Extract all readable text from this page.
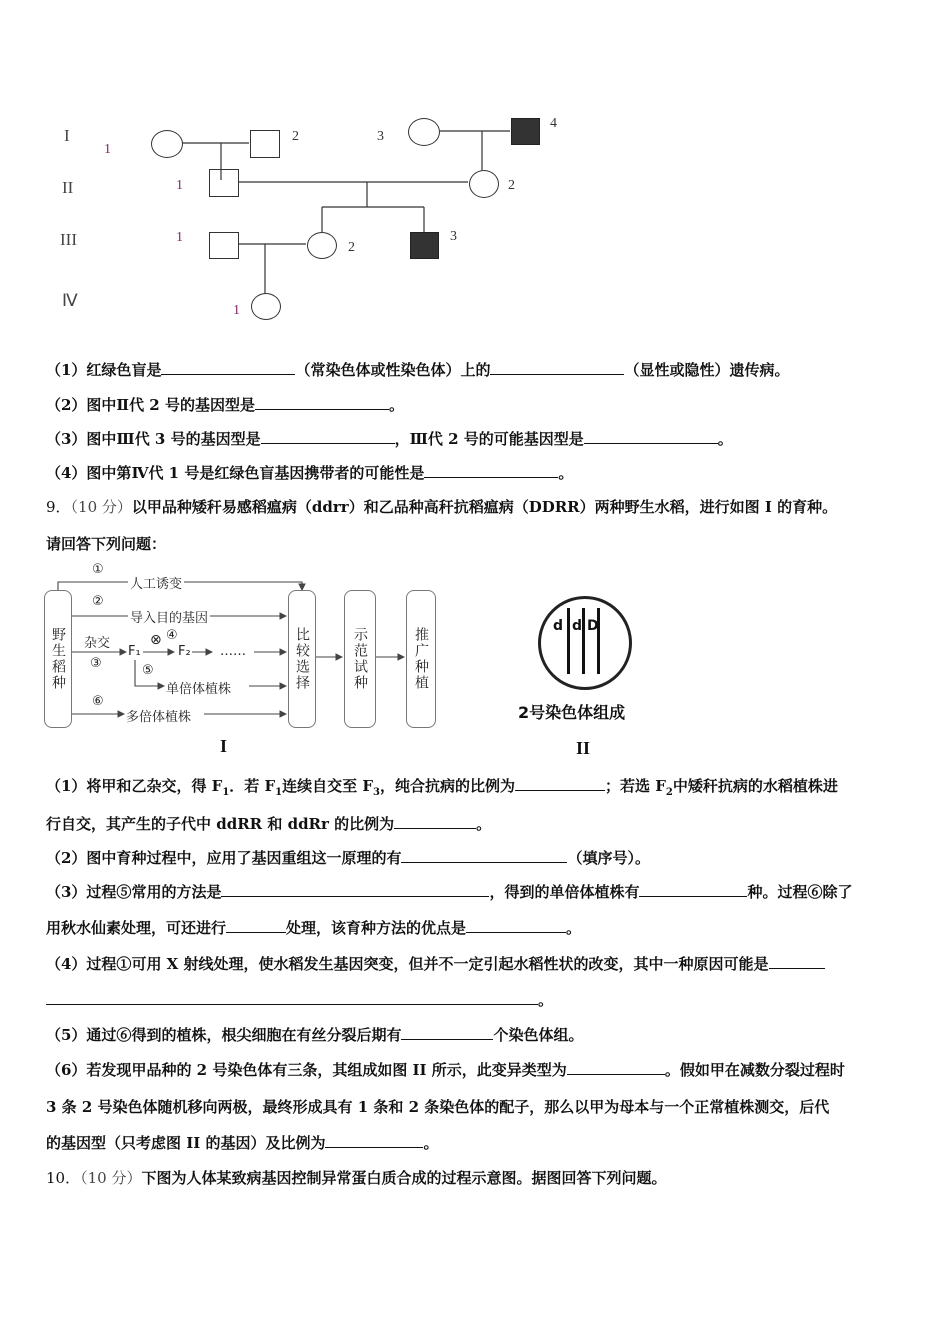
I
II
III
Ⅳ
1
2	3
4
1	2
1
2
3
1
（1）红绿色盲是	（常染色体或性染色体）上的	（显性或隐性）遗传病。
（2）图中Ⅱ代 2 号的基因型是	。
（3）图中Ⅲ代 3 号的基因型是	，Ⅲ代 2 号的可能基因型是	。
（4）图中第Ⅳ代 1 号是红绿色盲基因携带者的可能性是	。
9．（10 分）以甲品种矮秆易感稻瘟病（ddrr）和乙品种高秆抗稻瘟病（DDRR）两种野生水稻，进行如图 I 的育种。
请回答下列问题：
野生稻种	比较选择	示范试种	推广种植
①
人工诱变
②
导入目的基因
杂交
③
F₁
⊗ ④
F₂ ……
⑤
单倍体植株
⑥
多倍体植株
I
d d D
2号染色体组成
II
（1）将甲和乙杂交，得 $F_1$．若 $F_1$连续自交至 $F_3$，纯合抗病的比例为	；若选 $F_2$中矮秆抗病的水稻植株进
行自交，其产生的子代中 ddRR 和 ddRr 的比例为	。
（2）图中育种过程中，应用了基因重组这一原理的有	（填序号）。
（3）过程⑤常用的方法是	，得到的单倍体植株有	种。过程⑥除了
用秋水仙素处理，可还进行	处理，该育种方法的优点是	。
（4）过程①可用 X 射线处理，使水稻发生基因突变，但并不一定引起水稻性状的改变，其中一种原因可能是
。
（5）通过⑥得到的植株，根尖细胞在有丝分裂后期有	个染色体组。
（6）若发现甲品种的 2 号染色体有三条，其组成如图 II 所示，此变异类型为	。假如甲在减数分裂过程时
3 条 2 号染色体随机移向两极，最终形成具有 1 条和 2 条染色体的配子，那么以甲为母本与一个正常植株测交，后代
的基因型（只考虑图 II 的基因）及比例为	。
10．（10 分）下图为人体某致病基因控制异常蛋白质合成的过程示意图。据图回答下列问题。
